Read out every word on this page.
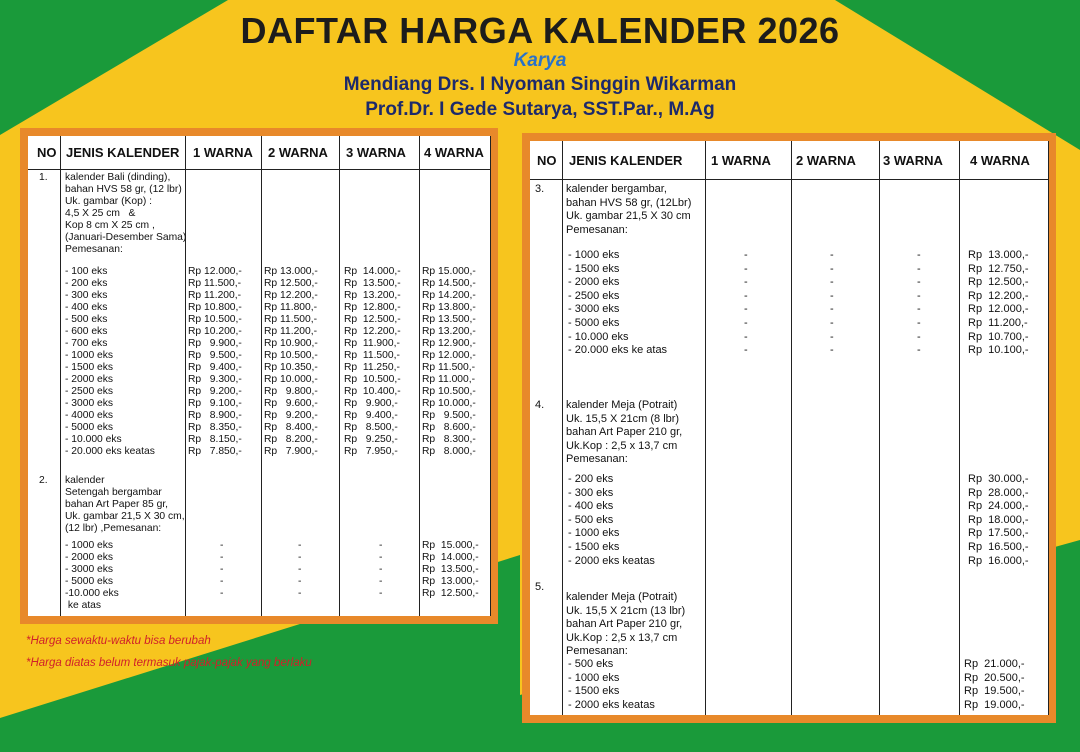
DAFTAR HARGA KALENDER 2026
Karya
Mendiang Drs. I Nyoman Singgin Wikarman
Prof.Dr. I Gede Sutarya, SST.Par., M.Ag
NO JENIS KALENDER 1 WARNA 2 WARNA 3 WARNA 4 WARNA
1. kalender Bali (dinding),
bahan HVS 58 gr, (12 lbr)
Uk. gambar (Kop) :
4,5 X 25 cm   &
Kop 8 cm X 25 cm ,
(Januari-Desember Sama)
Pemesanan:
- 100 eks
- 200 eks
- 300 eks
- 400 eks
- 500 eks
- 600 eks
- 700 eks
- 1000 eks
- 1500 eks
- 2000 eks
- 2500 eks
- 3000 eks
- 4000 eks
- 5000 eks
- 10.000 eks
- 20.000 eks keatas
Rp 12.000,-
Rp 11.500,-
Rp 11.200,-
Rp 10.800,-
Rp 10.500,-
Rp 10.200,-
Rp   9.900,-
Rp   9.500,-
Rp   9.400,-
Rp   9.300,-
Rp   9.200,-
Rp   9.100,-
Rp   8.900,-
Rp   8.350,-
Rp   8.150,-
Rp   7.850,-
Rp 13.000,-
Rp 12.500,-
Rp 12.200,-
Rp 11.800,-
Rp 11.500,-
Rp 11.200,-
Rp 10.900,-
Rp 10.500,-
Rp 10.350,-
Rp 10.000,-
Rp   9.800,-
Rp   9.600,-
Rp   9.200,-
Rp   8.400,-
Rp   8.200,-
Rp   7.900,-
Rp  14.000,-
Rp  13.500,-
Rp  13.200,-
Rp  12.800,-
Rp  12.500,-
Rp  12.200,-
Rp  11.900,-
Rp  11.500,-
Rp  11.250,-
Rp  10.500,-
Rp  10.400,-
Rp   9.900,-
Rp   9.400,-
Rp   8.500,-
Rp   9.250,-
Rp   7.950,-
Rp 15.000,-
Rp 14.500,-
Rp 14.200,-
Rp 13.800,-
Rp 13.500,-
Rp 13.200,-
Rp 12.900,-
Rp 12.000,-
Rp 11.500,-
Rp 11.000,-
Rp 10.500,-
Rp 10.000,-
Rp   9.500,-
Rp   8.600,-
Rp   8.300,-
Rp   8.000,-
2. kalender
Setengah bergambar
bahan Art Paper 85 gr,
Uk. gambar 21,5 X 30 cm,
(12 lbr) ,Pemesanan:
- 1000 eks
- 2000 eks
- 3000 eks
- 5000 eks
-10.000 eks
ke atas
-
-
-
-
-
-
-
-
-
-
-
-
-
-
-
Rp  15.000,-
Rp  14.000,-
Rp  13.500,-
Rp  13.000,-
Rp  12.500,-
NO JENIS KALENDER 1 WARNA 2 WARNA 3 WARNA 4 WARNA
3. kalender bergambar,
bahan HVS 58 gr, (12Lbr)
Uk. gambar 21,5 X 30 cm
Pemesanan:
- 1000 eks
- 1500 eks
- 2000 eks
- 2500 eks
- 3000 eks
- 5000 eks
- 10.000 eks
- 20.000 eks ke atas
-
-
-
-
-
-
-
-
-
-
-
-
-
-
-
-
-
-
-
-
-
-
-
-
Rp  13.000,-
Rp  12.750,-
Rp  12.500,-
Rp  12.200,-
Rp  12.000,-
Rp  11.200,-
Rp  10.700,-
Rp  10.100,-
4. kalender Meja (Potrait)
Uk. 15,5 X 21cm (8 lbr)
bahan Art Paper 210 gr,
Uk.Kop : 2,5 x 13,7 cm
Pemesanan:
- 200 eks
- 300 eks
- 400 eks
- 500 eks
- 1000 eks
- 1500 eks
- 2000 eks keatas
Rp  30.000,-
Rp  28.000,-
Rp  24.000,-
Rp  18.000,-
Rp  17.500,-
Rp  16.500,-
Rp  16.000,-
5.
kalender Meja (Potrait)
Uk. 15,5 X 21cm (13 lbr)
bahan Art Paper 210 gr,
Uk.Kop : 2,5 x 13,7 cm
Pemesanan:
- 500 eks
- 1000 eks
- 1500 eks
- 2000 eks keatas
Rp  21.000,-
Rp  20.500,-
Rp  19.500,-
Rp  19.000,-
*Harga sewaktu-waktu bisa berubah
*Harga diatas belum termasuk pajak-pajak yang berlaku
